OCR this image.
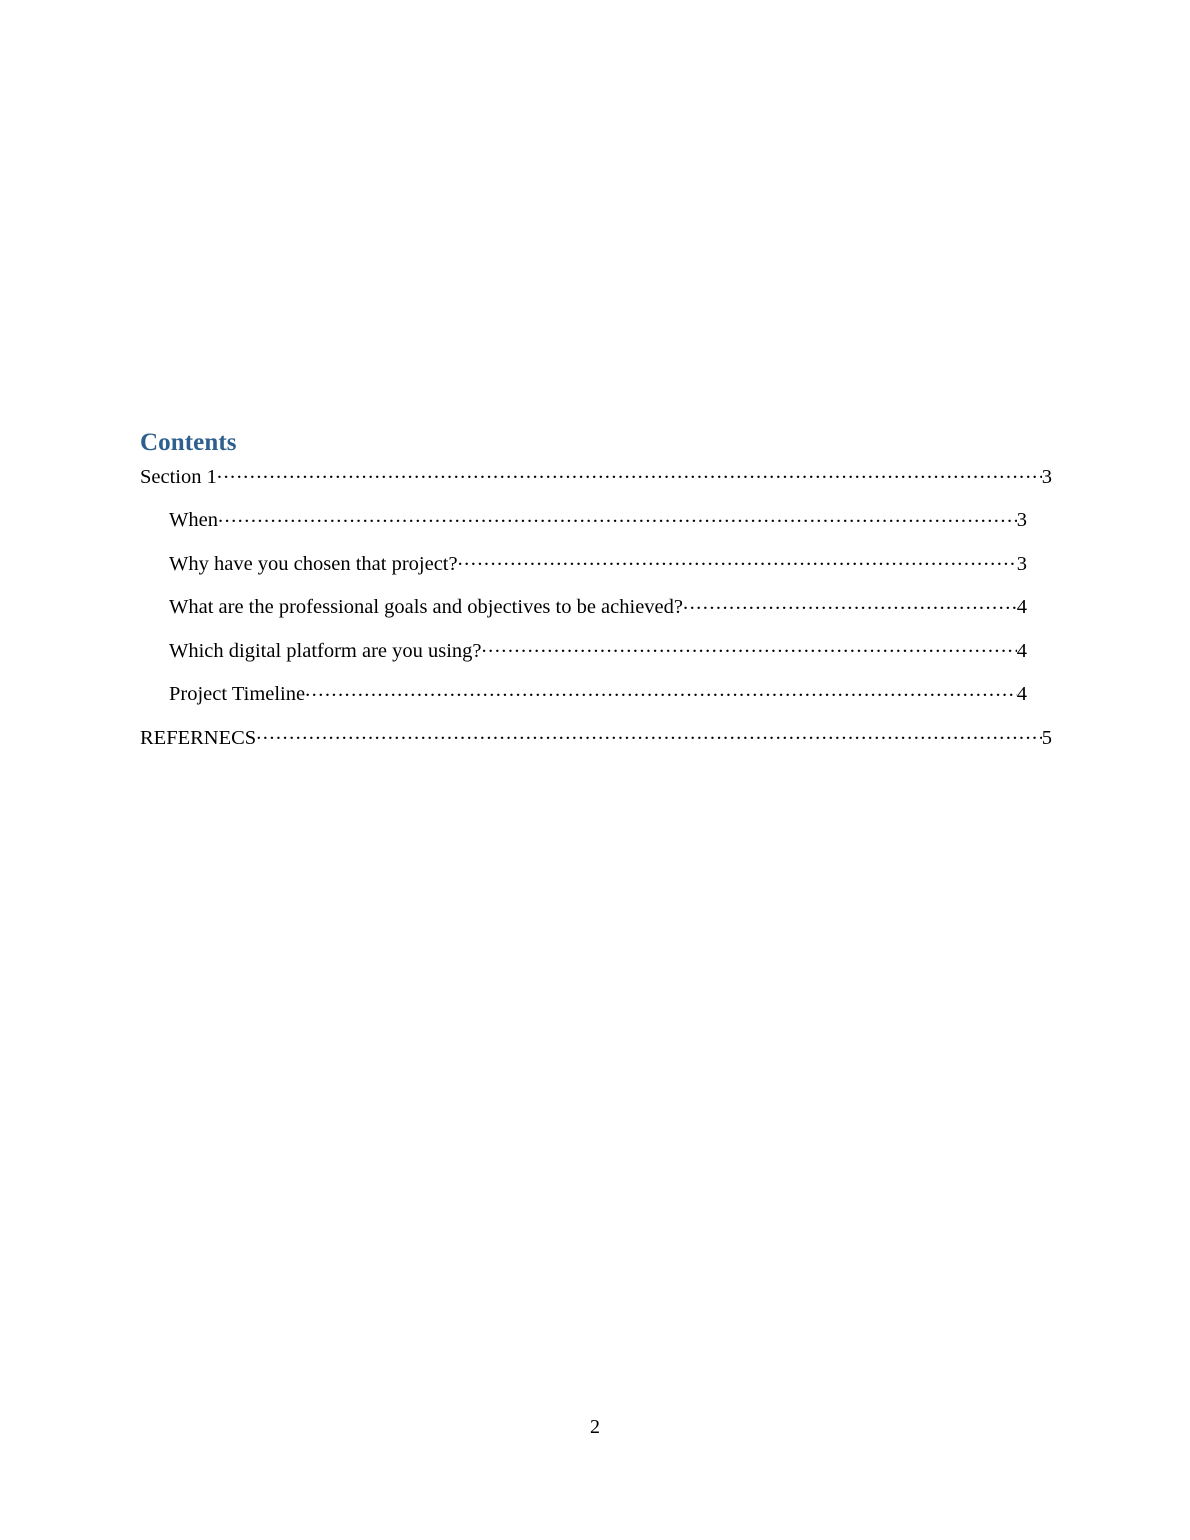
Contents
Section 1 .....	3
When .....	3
Why have you chosen that project? .....	3
What are the professional goals and objectives to be achieved? .....	4
Which digital platform are you using? .....	4
Project Timeline .....	4
REFERNECS .....	5
2
